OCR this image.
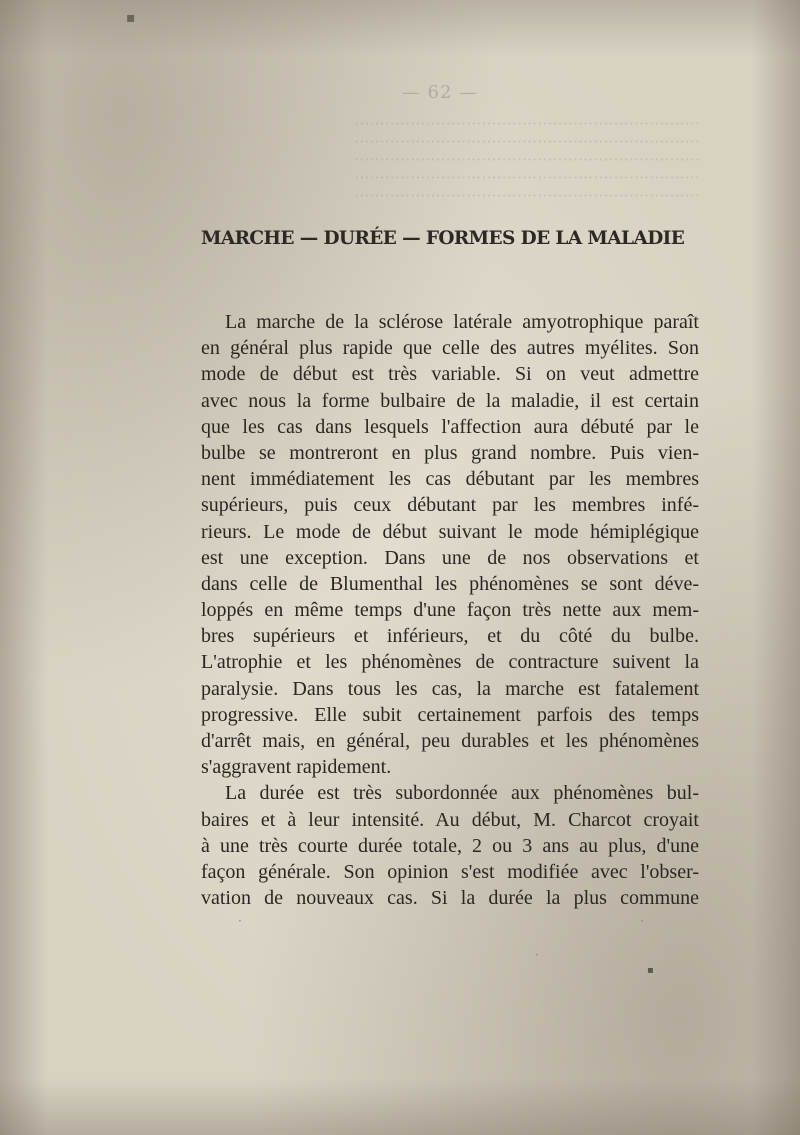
— 62 —
····································································
····································································
····································································
····································································
····································································
MARCHE — DURÉE — FORMES DE LA MALADIE
La marche de la sclérose latérale amyotrophique paraît
en général plus rapide que celle des autres myélites. Son
mode de début est très variable. Si on veut admettre
avec nous la forme bulbaire de la maladie, il est certain
que les cas dans lesquels l'affection aura débuté par le
bulbe se montreront en plus grand nombre. Puis vien-
nent immédiatement les cas débutant par les membres
supérieurs, puis ceux débutant par les membres infé-
rieurs. Le mode de début suivant le mode hémiplégique
est une exception. Dans une de nos observations et
dans celle de Blumenthal les phénomènes se sont déve-
loppés en même temps d'une façon très nette aux mem-
bres supérieurs et inférieurs, et du côté du bulbe.
L'atrophie et les phénomènes de contracture suivent la
paralysie. Dans tous les cas, la marche est fatalement
progressive. Elle subit certainement parfois des temps
d'arrêt mais, en général, peu durables et les phénomènes
s'aggravent rapidement.
La durée est très subordonnée aux phénomènes bul-
baires et à leur intensité. Au début, M. Charcot croyait
à une très courte durée totale, 2 ou 3 ans au plus, d'une
façon générale. Son opinion s'est modifiée avec l'obser-
vation de nouveaux cas. Si la durée la plus commune
▪
·	·
·
▪
